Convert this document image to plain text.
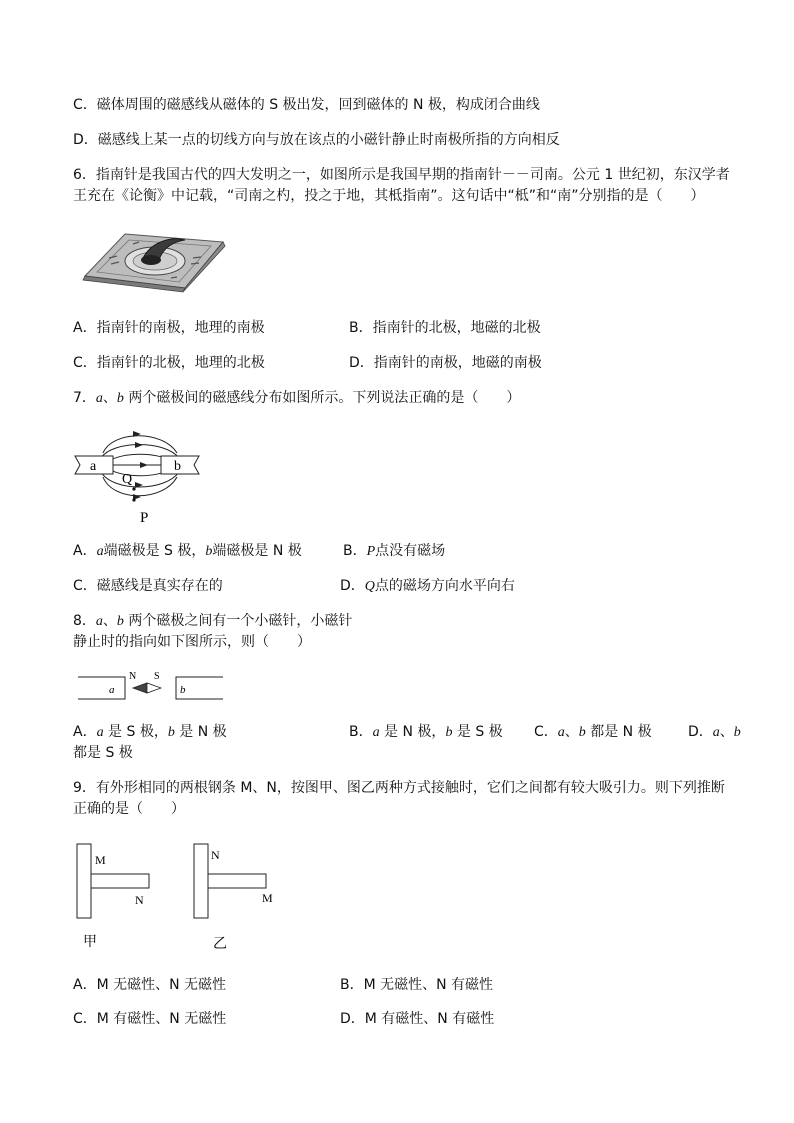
C．磁体周围的磁感线从磁体的 S 极出发，回到磁体的 N 极，构成闭合曲线
D．磁感线上某一点的切线方向与放在该点的小磁针静止时南极所指的方向相反
6．指南针是我国古代的四大发明之一，如图所示是我国早期的指南针－－司南。公元 1 世纪初，东汉学者
王充在《论衡》中记载，“司南之杓，投之于地，其柢指南”。这句话中“柢”和“南”分别指的是（　　）
A．指南针的南极，地理的南极	B．指南针的北极，地磁的北极
C．指南针的北极，地理的北极	D．指南针的南极，地磁的南极
7．a、b 两个磁极间的磁感线分布如图所示。下列说法正确的是（　　）
a	b
Q
P
A．a端磁极是 S 极，b端磁极是 N 极	B．P点没有磁场
C．磁感线是真实存在的	D．Q点的磁场方向水平向右
8．a、b 两个磁极之间有一个小磁针，小磁针
静止时的指向如下图所示，则（　　）
a	b
N S
A．a 是 S 极，b 是 N 极	B．a 是 N 极，b 是 S 极 C．a、b 都是 N 极	D．a、b
都是 S 极
9．有外形相同的两根钢条 M、N，按图甲、图乙两种方式接触时，它们之间都有较大吸引力。则下列推断
正确的是（　　）
M
N
甲
N
M
乙
A．M 无磁性、N 无磁性	B．M 无磁性、N 有磁性
C．M 有磁性、N 无磁性	D．M 有磁性、N 有磁性
